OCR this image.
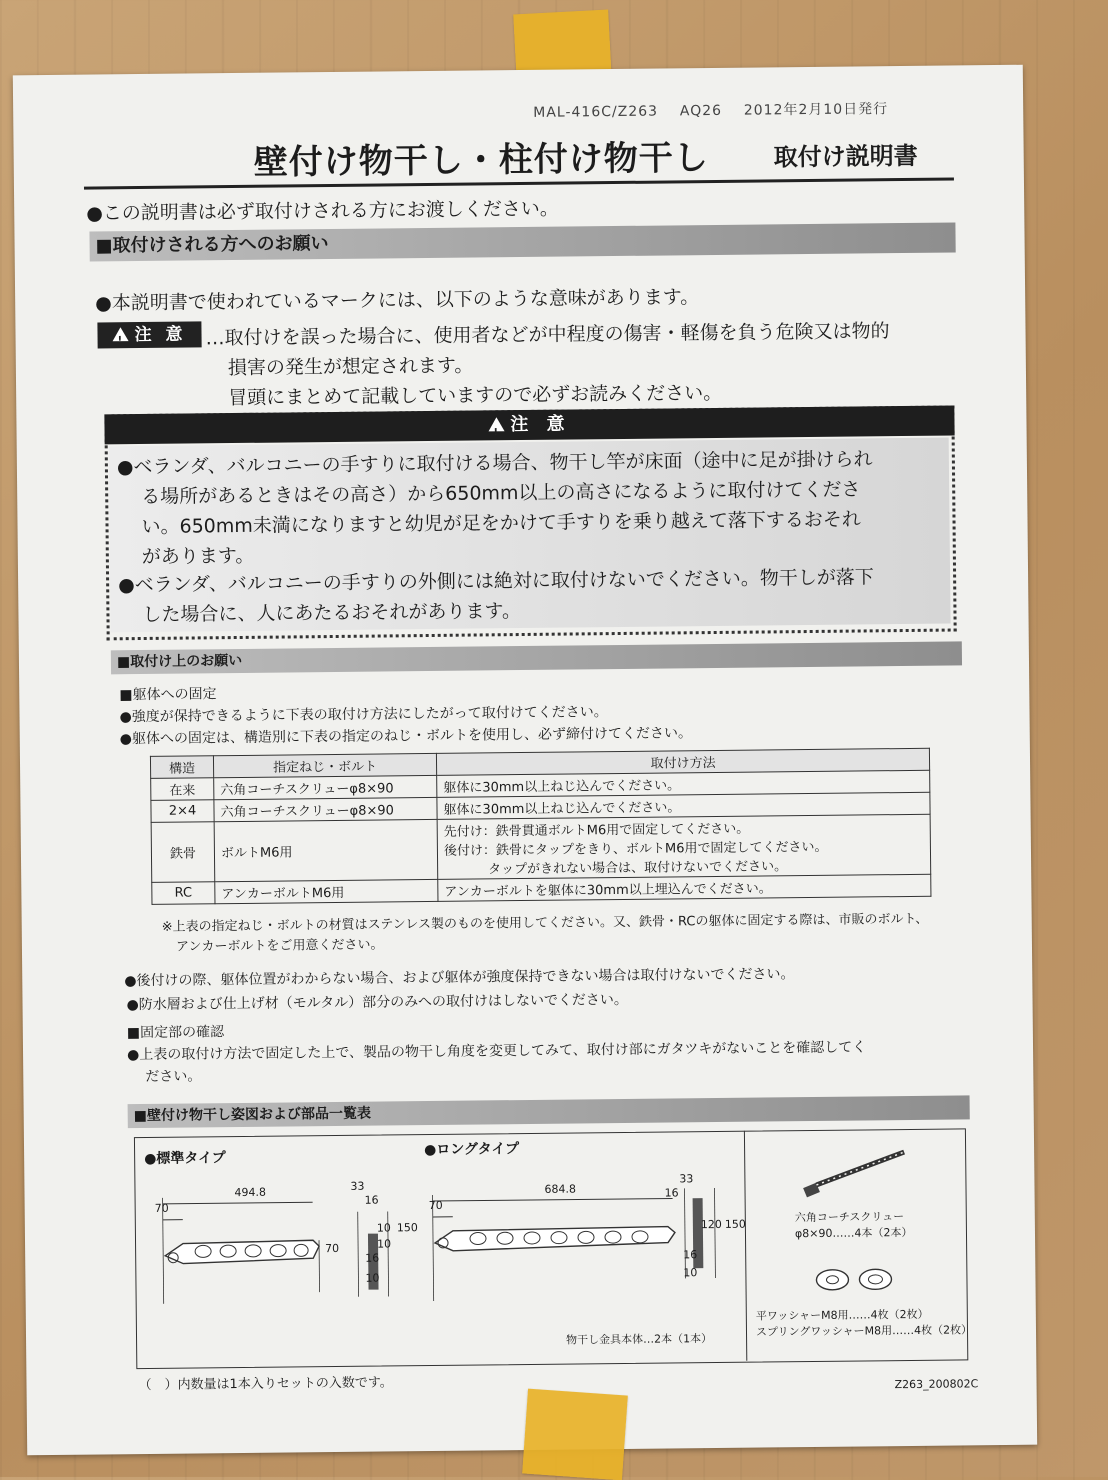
MAL-416C/Z263 AQ26 2012年2月10日発行
壁付け物干し・柱付け物干し	取付け説明書
●この説明書は必ず取付けされる方にお渡しください。
■取付けされる方へのお願い
●本説明書で使われているマークには、以下のような意味があります。
!注 意 …取付けを誤った場合に、使用者などが中程度の傷害・軽傷を負う危険又は物的
損害の発生が想定されます。
冒頭にまとめて記載していますので必ずお読みください。
!注 意
●ベランダ、バルコニーの手すりに取付ける場合、物干し竿が床面（途中に足が掛けられ
る場所があるときはその高さ）から650mm以上の高さになるように取付けてくださ
い。650mm未満になりますと幼児が足をかけて手すりを乗り越えて落下するおそれ
があります。
●ベランダ、バルコニーの手すりの外側には絶対に取付けないでください。物干しが落下
した場合に、人にあたるおそれがあります。
■取付け上のお願い
■躯体への固定
●強度が保持できるように下表の取付け方法にしたがって取付けてください。
●躯体への固定は、構造別に下表の指定のねじ・ボルトを使用し、必ず締付けてください。
構造	指定ねじ・ボルト	取付け方法
在来	六角コーチスクリューφ8×90	躯体に30mm以上ねじ込んでください。
2×4	六角コーチスクリューφ8×90	躯体に30mm以上ねじ込んでください。
鉄骨	ボルトM6用	先付け：鉄骨貫通ボルトM6用で固定してください。
後付け：鉄骨にタップをきり、ボルトM6用で固定してください。
タップがきれない場合は、取付けないでください。

RC	アンカーボルトM6用	アンカーボルトを躯体に30mm以上埋込んでください。
※上表の指定ねじ・ボルトの材質はステンレス製のものを使用してください。又、鉄骨・RCの躯体に固定する際は、市販のボルト、
アンカーボルトをご用意ください。
●後付けの際、躯体位置がわからない場合、および躯体が強度保持できない場合は取付けないでください。
●防水層および仕上げ材（モルタル）部分のみへの取付けはしないでください。
■固定部の確認
●上表の取付け方法で固定した上で、製品の物干し角度を変更してみて、取付け部にガタツキがないことを確認してく
ださい。
■壁付け物干し姿図および部品一覧表
●標準タイプ
●ロングタイプ
494.8
70
70
33
16
10
16
10
150
10
684.8
70
33
16
120 150
16
10
物干し金具本体…2本（1本）
六角コーチスクリュー
φ8×90……4本（2本）
平ワッシャーM8用……4枚（2枚）
スプリングワッシャーM8用……4枚（2枚）
（　）内数量は1本入りセットの入数です。	Z263_200802C
